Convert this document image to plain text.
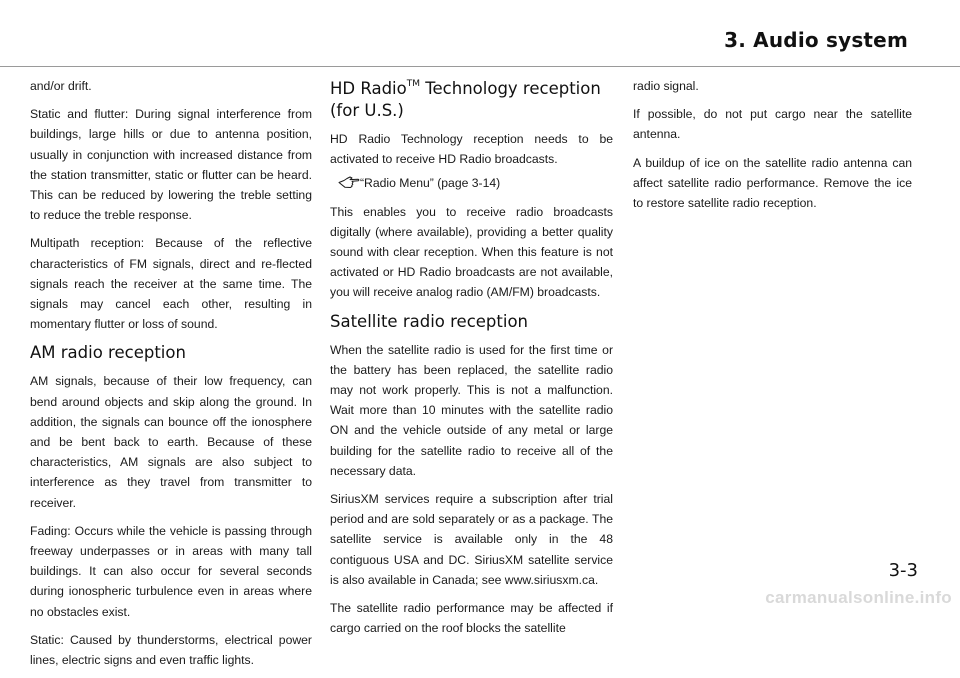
3. Audio system

and/or drift.

Static and flutter: During signal interference from buildings, large hills or due to antenna position, usually in conjunction with increased distance from the station transmitter, static or flutter can be heard. This can be reduced by lowering the treble setting to reduce the treble response.

Multipath reception: Because of the reflective characteristics of FM signals, direct and re-flected signals reach the receiver at the same time. The signals may cancel each other, resulting in momentary flutter or loss of sound.

AM radio reception

AM signals, because of their low frequency, can bend around objects and skip along the ground. In addition, the signals can bounce off the ionosphere and be bent back to earth. Because of these characteristics, AM signals are also subject to interference as they travel from transmitter to receiver.

Fading: Occurs while the vehicle is passing through freeway underpasses or in areas with many tall buildings. It can also occur for several seconds during ionospheric turbulence even in areas where no obstacles exist.

Static: Caused by thunderstorms, electrical power lines, electric signs and even traffic lights.

HD Radio™ Technology reception (for U.S.)

HD Radio Technology reception needs to be activated to receive HD Radio broadcasts.

“Radio Menu” (page 3-14)

This enables you to receive radio broadcasts digitally (where available), providing a better quality sound with clear reception. When this feature is not activated or HD Radio broadcasts are not available, you will receive analog radio (AM/FM) broadcasts.

Satellite radio reception

When the satellite radio is used for the first time or the battery has been replaced, the satellite radio may not work properly. This is not a malfunction. Wait more than 10 minutes with the satellite radio ON and the vehicle outside of any metal or large building for the satellite radio to receive all of the necessary data.

SiriusXM services require a subscription after trial period and are sold separately or as a package. The satellite service is available only in the 48 contiguous USA and DC. SiriusXM satellite service is also available in Canada; see www.siriusxm.ca.

The satellite radio performance may be affected if cargo carried on the roof blocks the satellite

radio signal.

If possible, do not put cargo near the satellite antenna.

A buildup of ice on the satellite radio antenna can affect satellite radio performance. Remove the ice to restore satellite radio reception.

3-3
carmanualsonline.info
